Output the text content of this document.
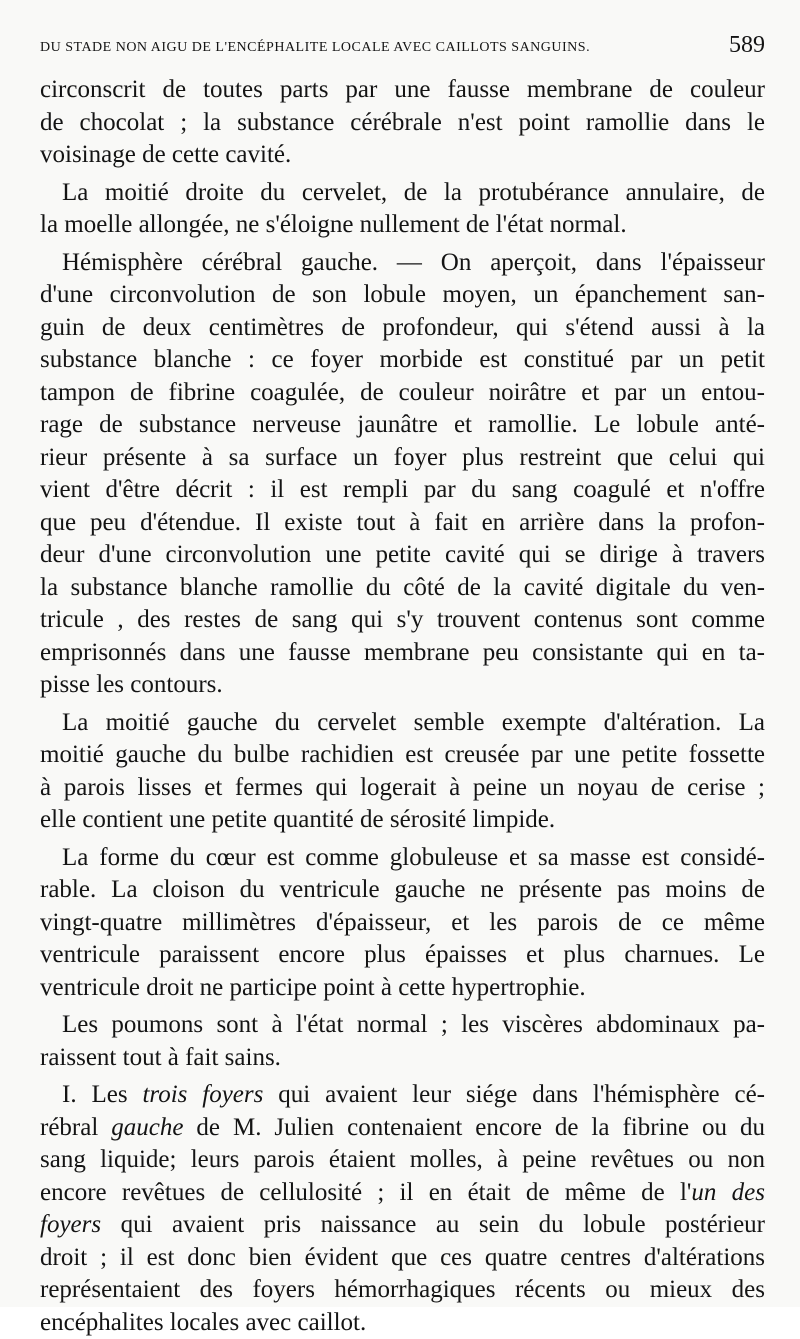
DU STADE NON AIGU DE L'ENCÉPHALITE LOCALE AVEC CAILLOTS SANGUINS.	589
circonscrit de toutes parts par une fausse membrane de couleur
de chocolat ; la substance cérébrale n'est point ramollie dans le
voisinage de cette cavité.
La moitié droite du cervelet, de la protubérance annulaire, de
la moelle allongée, ne s'éloigne nullement de l'état normal.
Hémisphère cérébral gauche. — On aperçoit, dans l'épaisseur
d'une circonvolution de son lobule moyen, un épanchement san-
guin de deux centimètres de profondeur, qui s'étend aussi à la
substance blanche : ce foyer morbide est constitué par un petit
tampon de fibrine coagulée, de couleur noirâtre et par un entou-
rage de substance nerveuse jaunâtre et ramollie. Le lobule anté-
rieur présente à sa surface un foyer plus restreint que celui qui
vient d'être décrit : il est rempli par du sang coagulé et n'offre
que peu d'étendue. Il existe tout à fait en arrière dans la profon-
deur d'une circonvolution une petite cavité qui se dirige à travers
la substance blanche ramollie du côté de la cavité digitale du ven-
tricule , des restes de sang qui s'y trouvent contenus sont comme
emprisonnés dans une fausse membrane peu consistante qui en ta-
pisse les contours.
La moitié gauche du cervelet semble exempte d'altération. La
moitié gauche du bulbe rachidien est creusée par une petite fossette
à parois lisses et fermes qui logerait à peine un noyau de cerise ;
elle contient une petite quantité de sérosité limpide.
La forme du cœur est comme globuleuse et sa masse est considé-
rable. La cloison du ventricule gauche ne présente pas moins de
vingt-quatre millimètres d'épaisseur, et les parois de ce même
ventricule paraissent encore plus épaisses et plus charnues. Le
ventricule droit ne participe point à cette hypertrophie.
Les poumons sont à l'état normal ; les viscères abdominaux pa-
raissent tout à fait sains.
I. Les trois foyers qui avaient leur siége dans l'hémisphère cé-
rébral gauche de M. Julien contenaient encore de la fibrine ou du
sang liquide; leurs parois étaient molles, à peine revêtues ou non
encore revêtues de cellulosité ; il en était de même de l'un des
foyers qui avaient pris naissance au sein du lobule postérieur
droit ; il est donc bien évident que ces quatre centres d'altérations
représentaient des foyers hémorrhagiques récents ou mieux des
encéphalites locales avec caillot.
